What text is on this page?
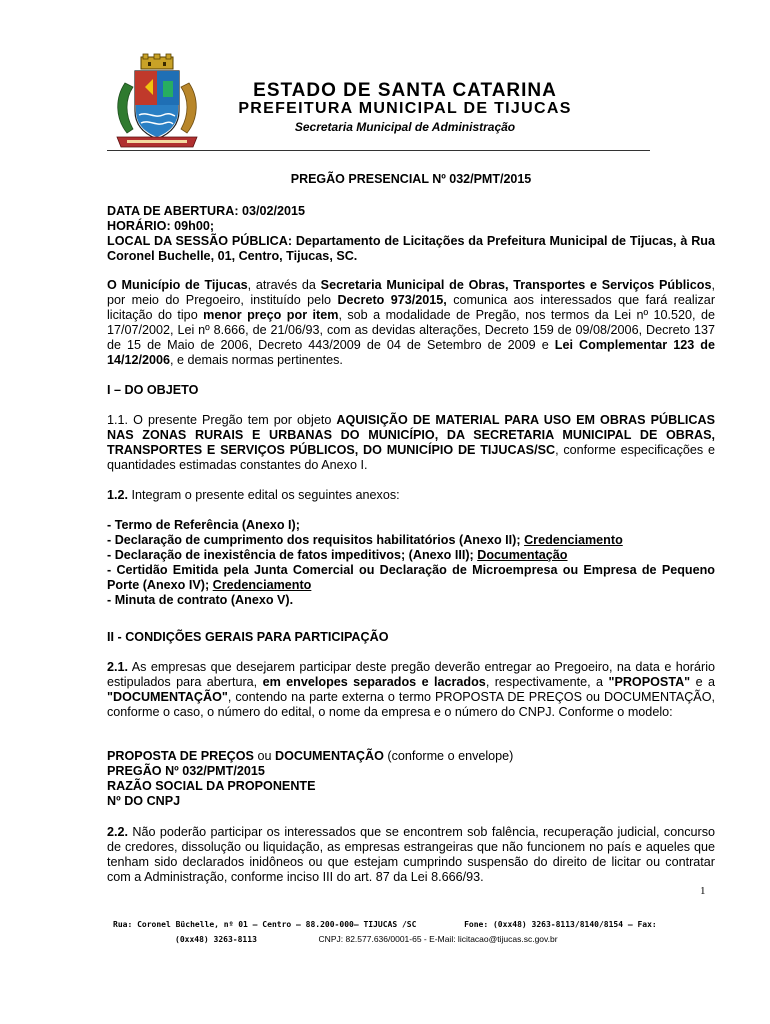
ESTADO DE SANTA CATARINA
PREFEITURA MUNICIPAL DE TIJUCAS
Secretaria Municipal de Administração
PREGÃO PRESENCIAL Nº 032/PMT/2015

DATA DE ABERTURA: 03/02/2015

HORÁRIO: 09h00;

LOCAL DA SESSÃO PÚBLICA: Departamento de Licitações da Prefeitura Municipal de Tijucas, à Rua Coronel Buchelle, 01, Centro, Tijucas, SC.

O Município de Tijucas, através da Secretaria Municipal de Obras, Transportes e Serviços Públicos, por meio do Pregoeiro, instituído pelo Decreto 973/2015, comunica aos interessados que fará realizar licitação do tipo menor preço por item, sob a modalidade de Pregão, nos termos da Lei nº 10.520, de 17/07/2002, Lei nº 8.666, de 21/06/93, com as devidas alterações, Decreto 159 de 09/08/2006, Decreto 137 de 15 de Maio de 2006, Decreto 443/2009 de 04 de Setembro de 2009 e Lei Complementar 123 de 14/12/2006, e demais normas pertinentes.
I – DO OBJETO
1.1. O presente Pregão tem por objeto AQUISIÇÃO DE MATERIAL PARA USO EM OBRAS PÚBLICAS NAS ZONAS RURAIS E URBANAS DO MUNICÍPIO, DA SECRETARIA MUNICIPAL DE OBRAS, TRANSPORTES E SERVIÇOS PÚBLICOS, DO MUNICÍPIO DE TIJUCAS/SC, conforme especificações e quantidades estimadas constantes do Anexo I.
1.2. Integram o presente edital os seguintes anexos:

- Termo de Referência (Anexo I);

- Declaração de cumprimento dos requisitos habilitatórios (Anexo II); Credenciamento

- Declaração de inexistência de fatos impeditivos; (Anexo III); Documentação

- Certidão Emitida pela Junta Comercial ou Declaração de Microempresa ou Empresa de Pequeno Porte (Anexo IV); Credenciamento

- Minuta de contrato (Anexo V).

II - CONDIÇÕES GERAIS PARA PARTICIPAÇÃO
2.1. As empresas que desejarem participar deste pregão deverão entregar ao Pregoeiro, na data e horário estipulados para abertura, em envelopes separados e lacrados, respectivamente, a "PROPOSTA" e a "DOCUMENTAÇÃO", contendo na parte externa o termo PROPOSTA DE PREÇOS ou DOCUMENTAÇÃO, conforme o caso, o número do edital, o nome da empresa e o número do CNPJ. Conforme o modelo:

PROPOSTA DE PREÇOS ou DOCUMENTAÇÃO (conforme o envelope)

PREGÃO Nº 032/PMT/2015

RAZÃO SOCIAL DA PROPONENTE

Nº DO CNPJ

2.2. Não poderão participar os interessados que se encontrem sob falência, recuperação judicial, concurso de credores, dissolução ou liquidação, as empresas estrangeiras que não funcionem no país e aqueles que tenham sido declarados inidôneos ou que estejam cumprindo suspensão do direito de licitar ou contratar com a Administração, conforme inciso III do art. 87 da Lei 8.666/93.
1
Rua: Coronel Büchelle, nº 01 – Centro – 88.200-000– TIJUCAS /SC	Fone: (0xx48) 3263-8113/8140/8154 – Fax:
(0xx48) 3263-8113	CNPJ: 82.577.636/0001-65 - E-Mail: licitacao@tijucas.sc.gov.br
